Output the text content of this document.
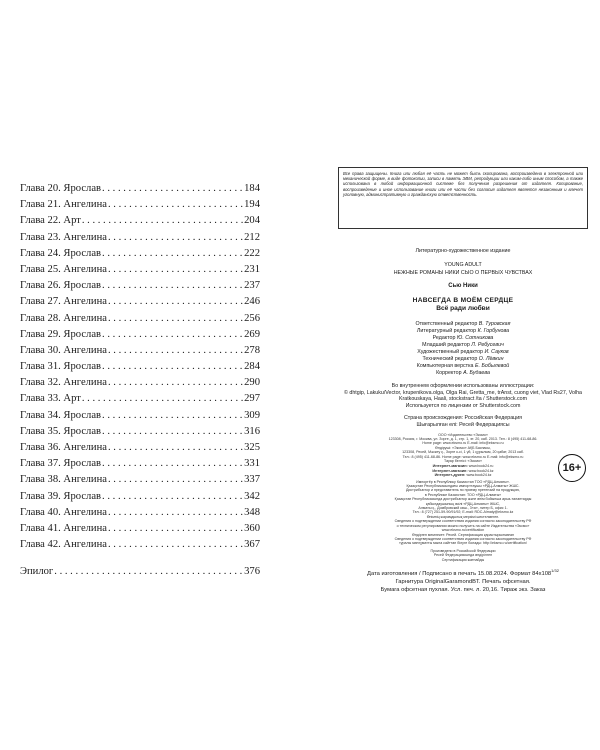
Глава 20. Ярослав . . .	184
Глава 21. Ангелина . . .	194
Глава 22. Арт . . .	204
Глава 23. Ангелина . . .	212
Глава 24. Ярослав . . .	222
Глава 25. Ангелина . . .	231
Глава 26. Ярослав . . .	237
Глава 27. Ангелина . . .	246
Глава 28. Ангелина . . .	256
Глава 29. Ярослав . . .	269
Глава 30. Ангелина . . .	278
Глава 31. Ярослав . . .	284
Глава 32. Ангелина . . .	290
Глава 33. Арт . . .	297
Глава 34. Ярослав . . .	309
Глава 35. Ярослав . . .	316
Глава 36. Ангелина . . .	325
Глава 37. Ярослав . . .	331
Глава 38. Ангелина . . .	337
Глава 39. Ярослав . . .	342
Глава 40. Ангелина . . .	348
Глава 41. Ангелина . . .	360
Глава 42. Ангелина . . .	367
Эпилог . . .	376
Все права защищены. Книга или любая её часть не может быть скопирована, воспроизведена в электронной или механической форме, в виде фотокопии, записи в память ЭВМ, репродукции или каким-либо иным способом, а также использована в любой информационной системе без получения разрешения от издателя. Копирование, воспроизведение и иное использование книги или её части без согласия издателя является незаконным и влечет уголовную, административную и гражданскую ответственность.
Литературно-художественное издание
YOUNG ADULT
НЕЖНЫЕ РОМАНЫ НИКИ СЫО О ПЕРВЫХ ЧУВСТВАХ
Сью Ники
НАВСЕГДА В МОЁМ СЕРДЦЕ
Всё ради любви
Ответственный редактор В. Туровская
Литературный редактор К. Горбунова
Редактор Ю. Сотникова
Младший редактор Л. Ребусевич
Художественный редактор И. Сауков
Технический редактор О. Лёвкин
Компьютерная верстка Е. Бобылевой
Корректор А. Будаева
Во внутреннем оформлении использованы иллюстрации:
© dhtgip, Lakuku/Vector, krupenikova.olga, Olga Rai, Gretta_me, trAnst, cuong viet, Vlad Rs27, Volha Kratkouskaya, Haali, stockstract /ta / Shutterstock.com
Используется по лицензии от Shutterstock.com
Страна происхождения: Российская Федерация
Шығарылған елі: Ресей Федерациясы
16+
ООО «Издательство «Эксмо»
123308, Россия, г. Москва, ул. Зорге, д. 1, стр. 1, эт. 20, каб. 2013. Тел.: 8 (495) 411-68-86.
Home page: www.eksmo.ru E-mail: info@eksmo.ru
Өндіруші: «Эксмо» АҚБ Баспасы,
123308, Ресей, Мәскеу қ., Зорге к-сі, 1 үй, 1 құрылым, 20 қабат, 2013 каб.
Тел.: 8 (495) 411-68-86. Home page: www.eksmo.ru E-mail: info@eksmo.ru
Тауар белгісі: «Эксмо»
Интернет-магазин: www.book24.ru
Интернет-магазин: www.book24.kz
Интернет-дүкен: www.book24.kz
Импортёр в Республику Казахстан ТОО «РДЦ-Алматы».
Қазақстан Республикасындағы импорттаушы «РДЦ-Алматы» ЖШС.
Дистрибьютор и представитель по приему претензий на продукцию,
в Республике Казахстан: ТОО «РДЦ-Алматы»
Қазақстан Республикасында дистрибьютор және өнім бойынша арыз-талаптарды
қабылдаушының өкілі «РДЦ-Алматы» ЖШС,
Алматы қ., Домбровский көш., 3«а», литер Б, офис 1.
Тел.: 8 (727) 251-59-90/91/92; E-mail: RDC-Almaty@eksmo.kz
Өнімнің жарамдылық мерзімі шектелмеген.
Сведения о подтверждении соответствия издания согласно законодательству РФ
о техническом регулировании можно получить на сайте Издательства «Эксмо»
www.eksmo.ru/certification
Өндірген мемлекет: Ресей. Сертификация қарастырылмаған
Сведения о подтверждении соответствия издания согласно законодательству РФ
туралы мағлұматты мына сайттан білуге болады: http://eksmo.ru/certification/
Произведено в Российской Федерации
Ресей Федерациясында өндірілген
Сертификация жатпайды
Дата изготовления / Подписано в печать 15.08.2024. Формат $84x108^{1/32}$
Гарнитура OriginalGaramondBT. Печать офсетная.
Бумага офсетная пухлая. Усл. печ. л. 20,16. Тираж экз. Заказ
